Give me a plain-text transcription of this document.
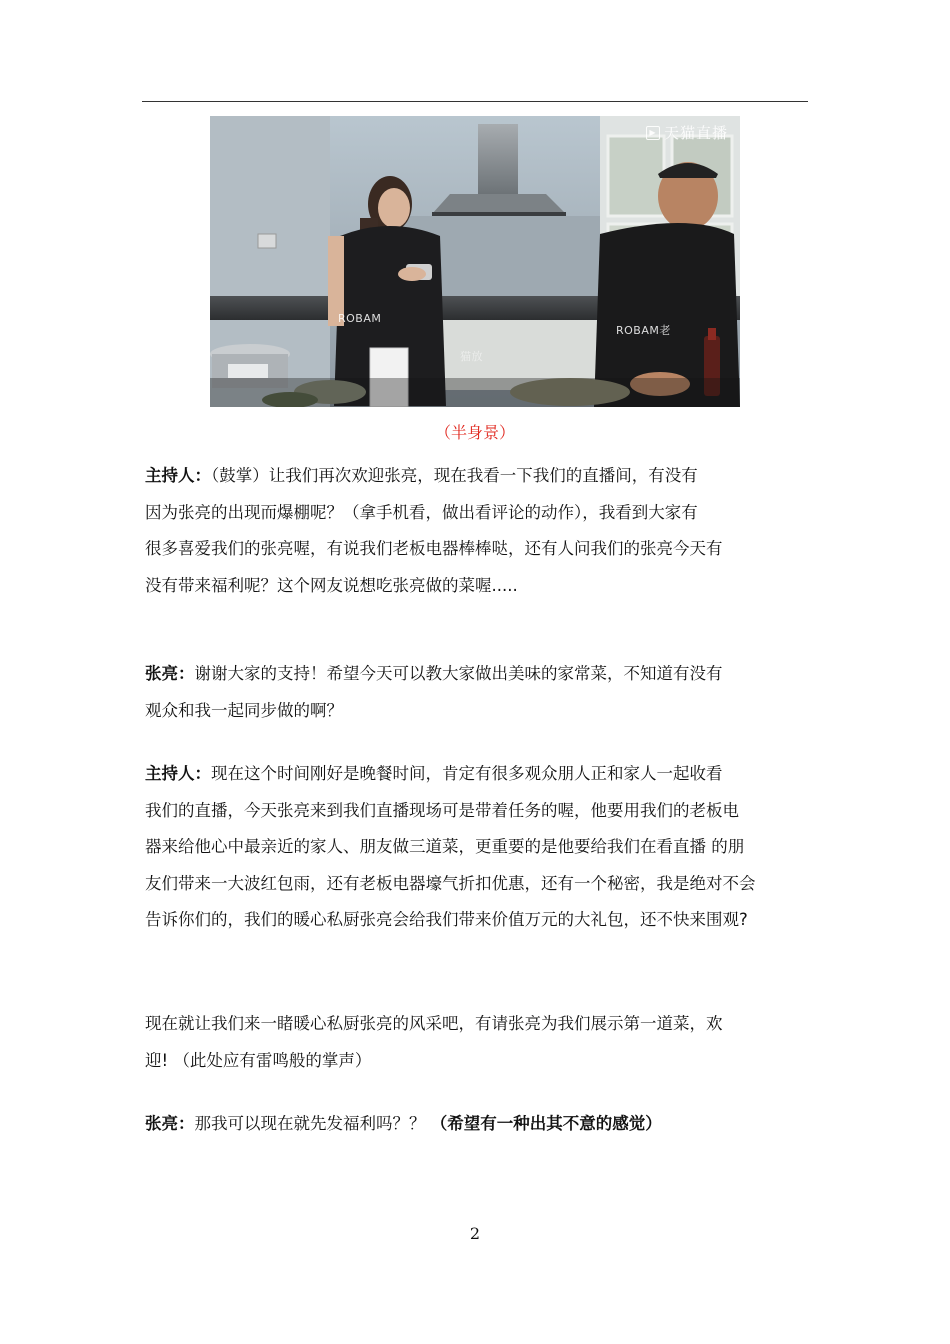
▶ 天猫直播
ROBAM
ROBAM老
猫放
（半身景）

主持人：（鼓掌）让我们再次欢迎张亮，现在我看一下我们的直播间，有没有
因为张亮的出现而爆棚呢？（拿手机看，做出看评论的动作），我看到大家有
很多喜爱我们的张亮喔，有说我们老板电器棒棒哒，还有人问我们的张亮今天有
没有带来福利呢？这个网友说想吃张亮做的菜喔.....

张亮：谢谢大家的支持！希望今天可以教大家做出美味的家常菜，不知道有没有
观众和我一起同步做的啊？

主持人：现在这个时间刚好是晚餐时间，肯定有很多观众朋人正和家人一起收看
我们的直播，今天张亮来到我们直播现场可是带着任务的喔，他要用我们的老板电
器来给他心中最亲近的家人、朋友做三道菜，更重要的是他要给我们在看直播 的朋
友们带来一大波红包雨，还有老板电器壕气折扣优惠，还有一个秘密，我是绝对不会
告诉你们的，我们的暖心私厨张亮会给我们带来价值万元的大礼包，还不快来围观?

现在就让我们来一睹暖心私厨张亮的风采吧，有请张亮为我们展示第一道菜，欢
迎! （此处应有雷鸣般的掌声）

张亮：那我可以现在就先发福利吗？？ （希望有一种出其不意的感觉）

2
